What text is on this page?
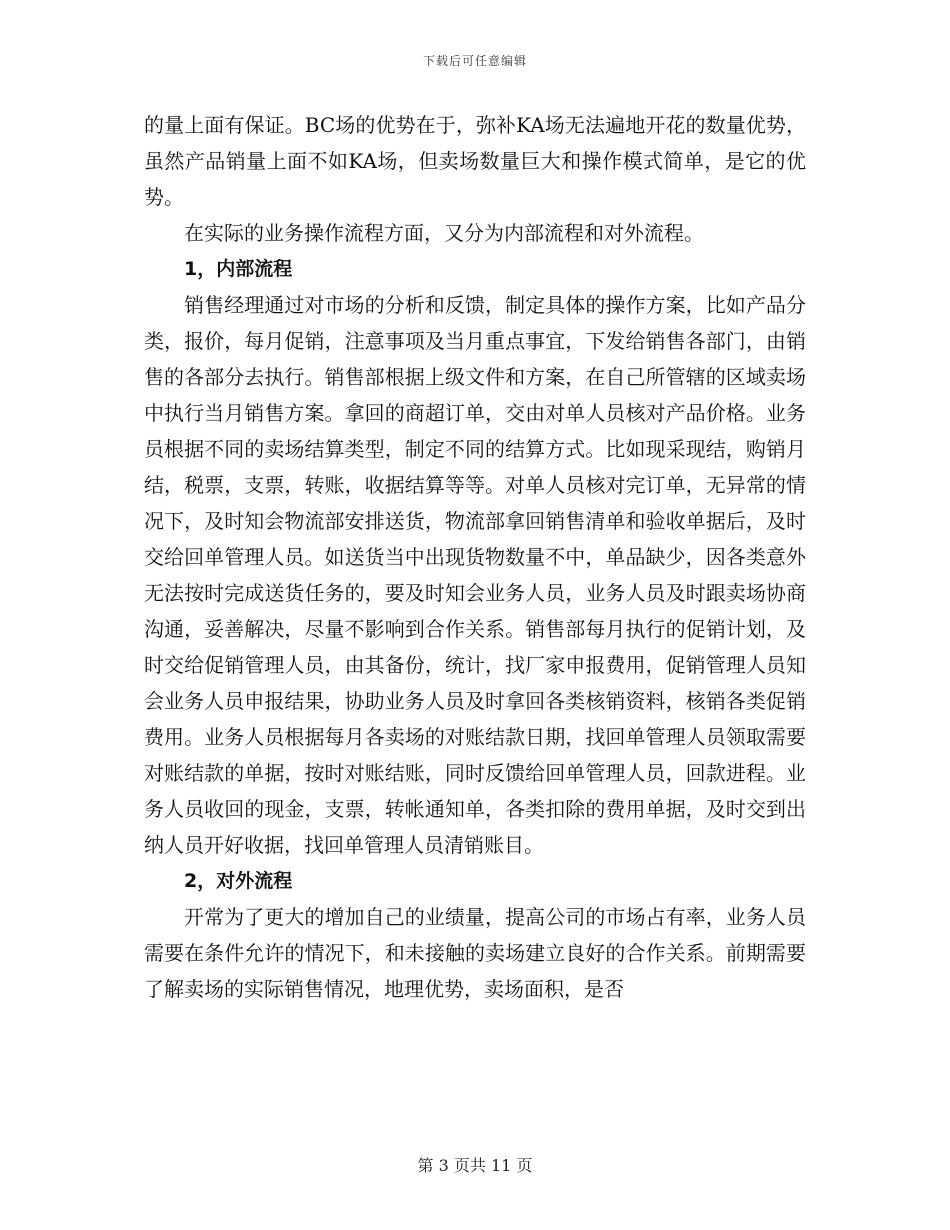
下载后可任意编辑

的量上面有保证。BC场的优势在于，弥补KA场无法遍地开花的数量优势，虽然产品销量上面不如KA场，但卖场数量巨大和操作模式简单，是它的优势。

在实际的业务操作流程方面，又分为内部流程和对外流程。

1，内部流程

销售经理通过对市场的分析和反馈，制定具体的操作方案，比如产品分类，报价，每月促销，注意事项及当月重点事宜，下发给销售各部门，由销售的各部分去执行。销售部根据上级文件和方案，在自己所管辖的区域卖场中执行当月销售方案。拿回的商超订单，交由对单人员核对产品价格。业务员根据不同的卖场结算类型，制定不同的结算方式。比如现采现结，购销月结，税票，支票，转账，收据结算等等。对单人员核对完订单，无异常的情况下，及时知会物流部安排送货，物流部拿回销售清单和验收单据后，及时交给回单管理人员。如送货当中出现货物数量不中，单品缺少，因各类意外无法按时完成送货任务的，要及时知会业务人员，业务人员及时跟卖场协商沟通，妥善解决，尽量不影响到合作关系。销售部每月执行的促销计划，及时交给促销管理人员，由其备份，统计，找厂家申报费用，促销管理人员知会业务人员申报结果，协助业务人员及时拿回各类核销资料，核销各类促销费用。业务人员根据每月各卖场的对账结款日期，找回单管理人员领取需要对账结款的单据，按时对账结账，同时反馈给回单管理人员，回款进程。业务人员收回的现金，支票，转帐通知单，各类扣除的费用单据，及时交到出纳人员开好收据，找回单管理人员清销账目。

2，对外流程

开常为了更大的增加自己的业绩量，提高公司的市场占有率，业务人员需要在条件允许的情况下，和未接触的卖场建立良好的合作关系。前期需要了解卖场的实际销售情况，地理优势，卖场面积，是否

第 3 页共 11 页
